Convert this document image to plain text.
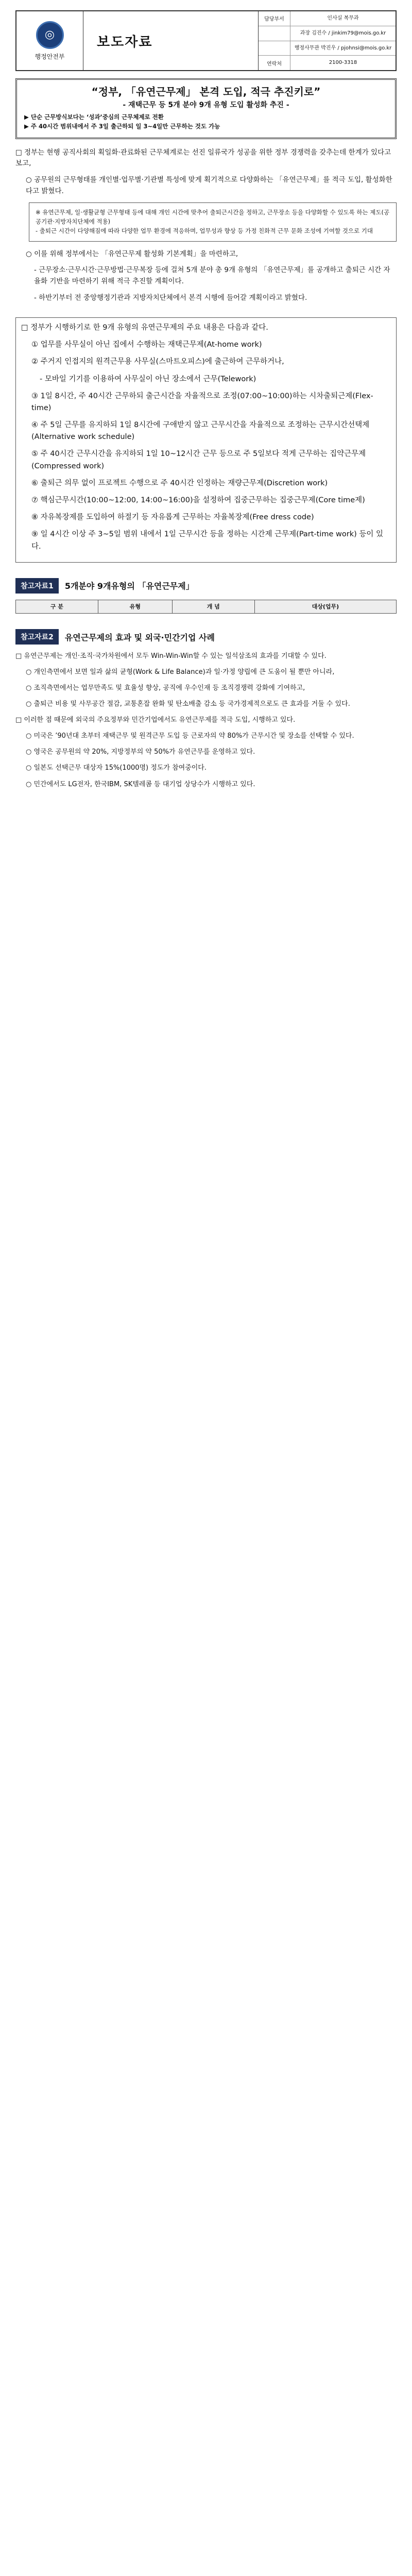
◎
행정안전부
보도자료
담당부서	인사실 복무과
과장 김진수 / jinkim79@mois.go.kr
행정사무관 박진우 / pjohnsi@mois.go.kr
연락처	2100-3318
“정부, 「유연근무제」 본격 도입, 적극 추진키로”
- 재택근무 등 5개 분야 9개 유형 도입 활성화 추진 -
▶ 단순 근무방식보다는 ‘성과’중심의 근무체제로 전환
▶ 주 40시간 범위내에서 주 3일 출근하되 일 3~4일만 근무하는 것도 가능
□ 정부는 현행 공직사회의 획일화·관료화된 근무체계로는 선진 일류국가 성공을 위한 정부 경쟁력을 갖추는데 한계가 있다고 보고,
○ 공무원의 근무형태를 개인별·업무별·기관별 특성에 맞게 획기적으로 다양화하는 「유연근무제」를 적극 도입, 활성화한다고 밝혔다.
※ 유연근무제, 일·생활균형 근무형태 등에 대해 개인 시간에 맞추어 출퇴근시간을 정하고, 근무장소 등을 다양화할 수 있도록 하는 제도(공공기관·지방자치단체에 적용)
- 출퇴근 시간이 다양해짐에 따라 다양한 업무 환경에 적응하며, 업무성과 향상 등 가정 친화적 근무 문화 조성에 기여할 것으로 기대
○ 이를 위해 정부에서는 「유연근무제 활성화 기본계획」을 마련하고,
- 근무장소·근무시간·근무방법·근무복장 등에 걸쳐 5개 분야 총 9개 유형의 「유연근무제」를 공개하고 출퇴근 시간 자율화 기반을 마련하기 위해 적극 추진할 계획이다.
- 하반기부터 전 중앙행정기관과 지방자치단체에서 본격 시행에 들어갈 계획이라고 밝혔다.
□ 정부가 시행하기로 한 9개 유형의 유연근무제의 주요 내용은 다음과 같다.
① 업무를 사무실이 아닌 집에서 수행하는 재택근무제(At-home work)
② 주거지 인접지의 원격근무용 사무실(스마트오피스)에 출근하여 근무하거나,
- 모바일 기기를 이용하여 사무실이 아닌 장소에서 근무(Telework)
③ 1일 8시간, 주 40시간 근무하되 출근시간을 자율적으로 조정(07:00~10:00)하는 시차출퇴근제(Flex-time)
④ 주 5일 근무를 유지하되 1일 8시간에 구애받지 않고 근무시간을 자율적으로 조정하는 근무시간선택제(Alternative work schedule)
⑤ 주 40시간 근무시간을 유지하되 1일 10~12시간 근무 등으로 주 5일보다 적게 근무하는 집약근무제(Compressed work)
⑥ 출퇴근 의무 없이 프로젝트 수행으로 주 40시간 인정하는 재량근무제(Discretion work)
⑦ 핵심근무시간(10:00~12:00, 14:00~16:00)을 설정하여 집중근무하는 집중근무제(Core time제)
⑧ 자유복장제를 도입하여 하절기 등 자유롭게 근무하는 자율복장제(Free dress code)
⑨ 일 4시간 이상 주 3~5일 범위 내에서 1일 근무시간 등을 정하는 시간제 근무제(Part-time work) 등이 있다.
참고자료1	5개분야 9개유형의 「유연근무제」
구 분	유형	개 념	대상(업무)
참고자료2	유연근무제의 효과 및 외국·민간기업 사례
□ 유연근무제는 개인·조직·국가차원에서 모두 Win-Win-Win할 수 있는 일석삼조의 효과를 기대할 수 있다.
○ 개인측면에서 보면 일과 삶의 균형(Work & Life Balance)과 일·가정 양립에 큰 도움이 될 뿐만 아니라,
○ 조직측면에서는 업무만족도 및 효율성 향상, 공직에 우수인재 등 조직경쟁력 강화에 기여하고,
○ 출퇴근 비용 및 사무공간 절감, 교통혼잡 완화 및 탄소배출 감소 등 국가경제적으로도 큰 효과를 거둘 수 있다.
□ 이러한 점 때문에 외국의 주요정부와 민간기업에서도 유연근무제를 적극 도입, 시행하고 있다.
○ 미국은 ’90년대 초부터 재택근무 및 원격근무 도입 등 근로자의 약 80%가 근무시간 및 장소를 선택할 수 있다.
○ 영국은 공무원의 약 20%, 지방정부의 약 50%가 유연근무를 운영하고 있다.
○ 일본도 선택근무 대상자 15%(1000명) 정도가 참여중이다.
○ 민간에서도 LG전자, 한국IBM, SK텔레콤 등 대기업 상당수가 시행하고 있다.
